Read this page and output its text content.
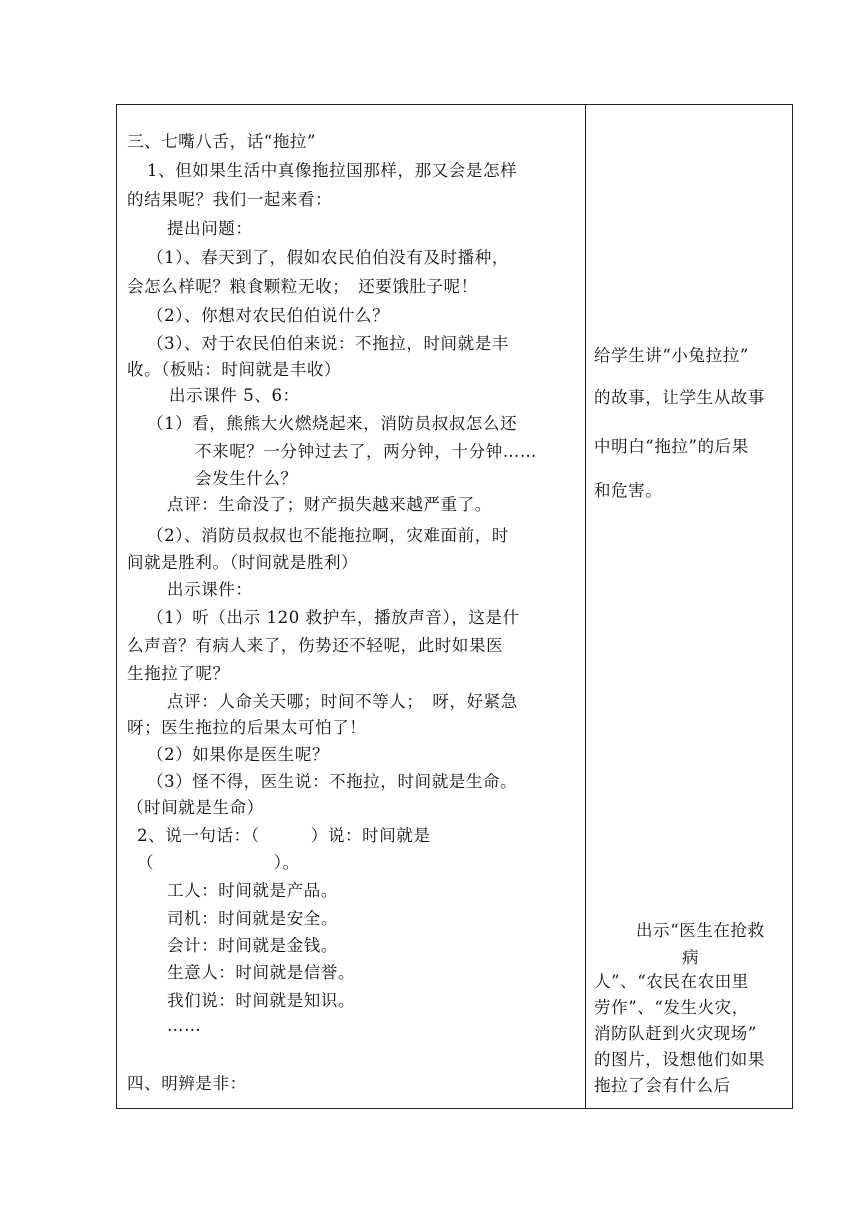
三、七嘴八舌，话“拖拉”
1、但如果生活中真像拖拉国那样，那又会是怎样
的结果呢？我们一起来看：
提出问题：
（1）、春天到了，假如农民伯伯没有及时播种，
会怎么样呢？粮食颗粒无收；　还要饿肚子呢！
（2）、你想对农民伯伯说什么？
（3）、对于农民伯伯来说：不拖拉，时间就是丰
收。（板贴：时间就是丰收）
出示课件 5、6：
（1）看，熊熊大火燃烧起来，消防员叔叔怎么还
不来呢？一分钟过去了，两分钟，十分钟……
会发生什么？
点评：生命没了；财产损失越来越严重了。
（2）、消防员叔叔也不能拖拉啊，灾难面前，时
间就是胜利。（时间就是胜利）
出示课件：
（1）听（出示 120 救护车，播放声音），这是什
么声音？有病人来了，伤势还不轻呢，此时如果医
生拖拉了呢？
点评：人命关天哪；时间不等人；　呀，好紧急
呀；医生拖拉的后果太可怕了！
（2）如果你是医生呢？
（3）怪不得，医生说：不拖拉，时间就是生命。
（时间就是生命）
2、说一句话：（　　　）说：时间就是
（　　　　　　　）。
工人：时间就是产品。
司机：时间就是安全。
会计：时间就是金钱。
生意人：时间就是信誉。
我们说：时间就是知识。
……
四、明辨是非：
给学生讲“小兔拉拉”
的故事，让学生从故事
中明白“拖拉”的后果
和危害。
出示“医生在抢救
病
人”、“农民在农田里
劳作”、“发生火灾，
消防队赶到火灾现场”
的图片，设想他们如果
拖拉了会有什么后
